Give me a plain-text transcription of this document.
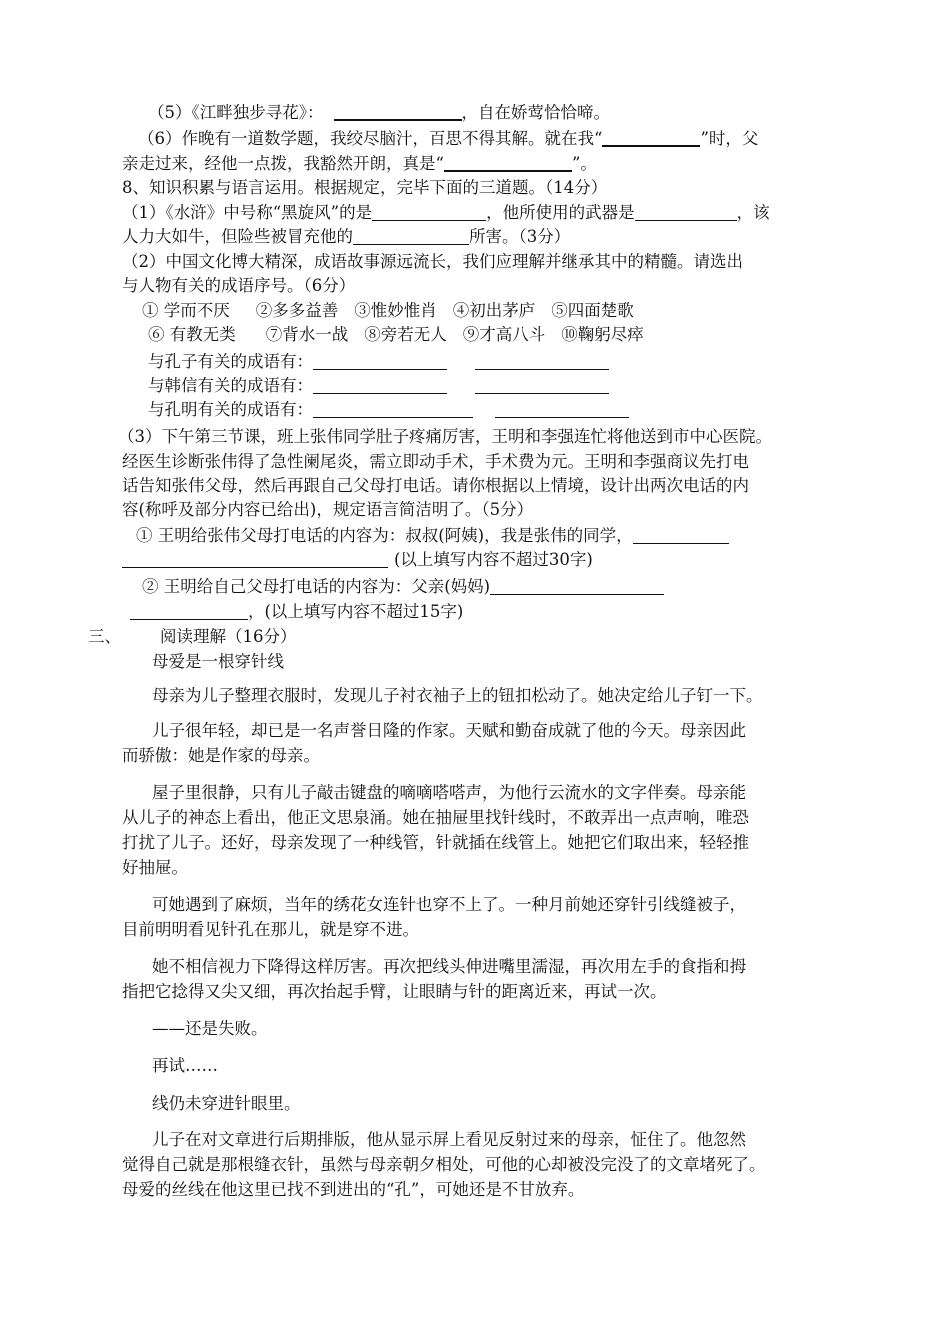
（5）《江畔独步寻花》：	，自在娇莺恰恰啼。
（6）作晚有一道数学题，我绞尽脑汁，百思不得其解。就在我“	”时，父
亲走过来，经他一点拨，我豁然开朗，真是“	”。
8、知识积累与语言运用。根据规定，完毕下面的三道题。（14分）
（1）《水浒》中号称“黑旋风”的是	，他所使用的武器是	，该
人力大如牛，但险些被冒充他的	所害。（3分）
（2）中国文化博大精深，成语故事源远流长，我们应理解并继承其中的精髓。请选出
与人物有关的成语序号。（6分）
① 学而不厌 ②多多益善 ③惟妙惟肖 ④初出茅庐 ⑤四面楚歌
⑥ 有教无类 ⑦背水一战 ⑧旁若无人 ⑨才高八斗 ⑩鞠躬尽瘁
与孔子有关的成语有：
与韩信有关的成语有：
与孔明有关的成语有：
（3）下午第三节课，班上张伟同学肚子疼痛厉害，王明和李强连忙将他送到市中心医院。
经医生诊断张伟得了急性阑尾炎，需立即动手术，手术费为元。王明和李强商议先打电
话告知张伟父母，然后再跟自己父母打电话。请你根据以上情境，设计出两次电话的内
容(称呼及部分内容已给出)，规定语言简洁明了。（5分）
① 王明给张伟父母打电话的内容为：叔叔(阿姨)，我是张伟的同学，
(以上填写内容不超过30字)
② 王明给自己父母打电话的内容为：父亲(妈妈)
，(以上填写内容不超过15字)
三、 阅读理解（16分）
母爱是一根穿针线
母亲为儿子整理衣服时，发现儿子衬衣袖子上的钮扣松动了。她决定给儿子钉一下。
儿子很年轻，却已是一名声誉日隆的作家。天赋和勤奋成就了他的今天。母亲因此
而骄傲：她是作家的母亲。
屋子里很静，只有儿子敲击键盘的嘀嘀嗒嗒声，为他行云流水的文字伴奏。母亲能
从儿子的神态上看出，他正文思泉涌。她在抽屉里找针线时，不敢弄出一点声响，唯恐
打扰了儿子。还好，母亲发现了一种线管，针就插在线管上。她把它们取出来，轻轻推
好抽屉。
可她遇到了麻烦，当年的绣花女连针也穿不上了。一种月前她还穿针引线缝被子，
目前明明看见针孔在那儿，就是穿不进。
她不相信视力下降得这样厉害。再次把线头伸进嘴里濡湿，再次用左手的食指和拇
指把它捻得又尖又细，再次抬起手臂，让眼睛与针的距离近来，再试一次。
——还是失败。
再试……
线仍未穿进针眼里。
儿子在对文章进行后期排版，他从显示屏上看见反射过来的母亲，怔住了。他忽然
觉得自己就是那根缝衣针，虽然与母亲朝夕相处，可他的心却被没完没了的文章堵死了。
母爱的丝线在他这里已找不到进出的“孔”，可她还是不甘放弃。
